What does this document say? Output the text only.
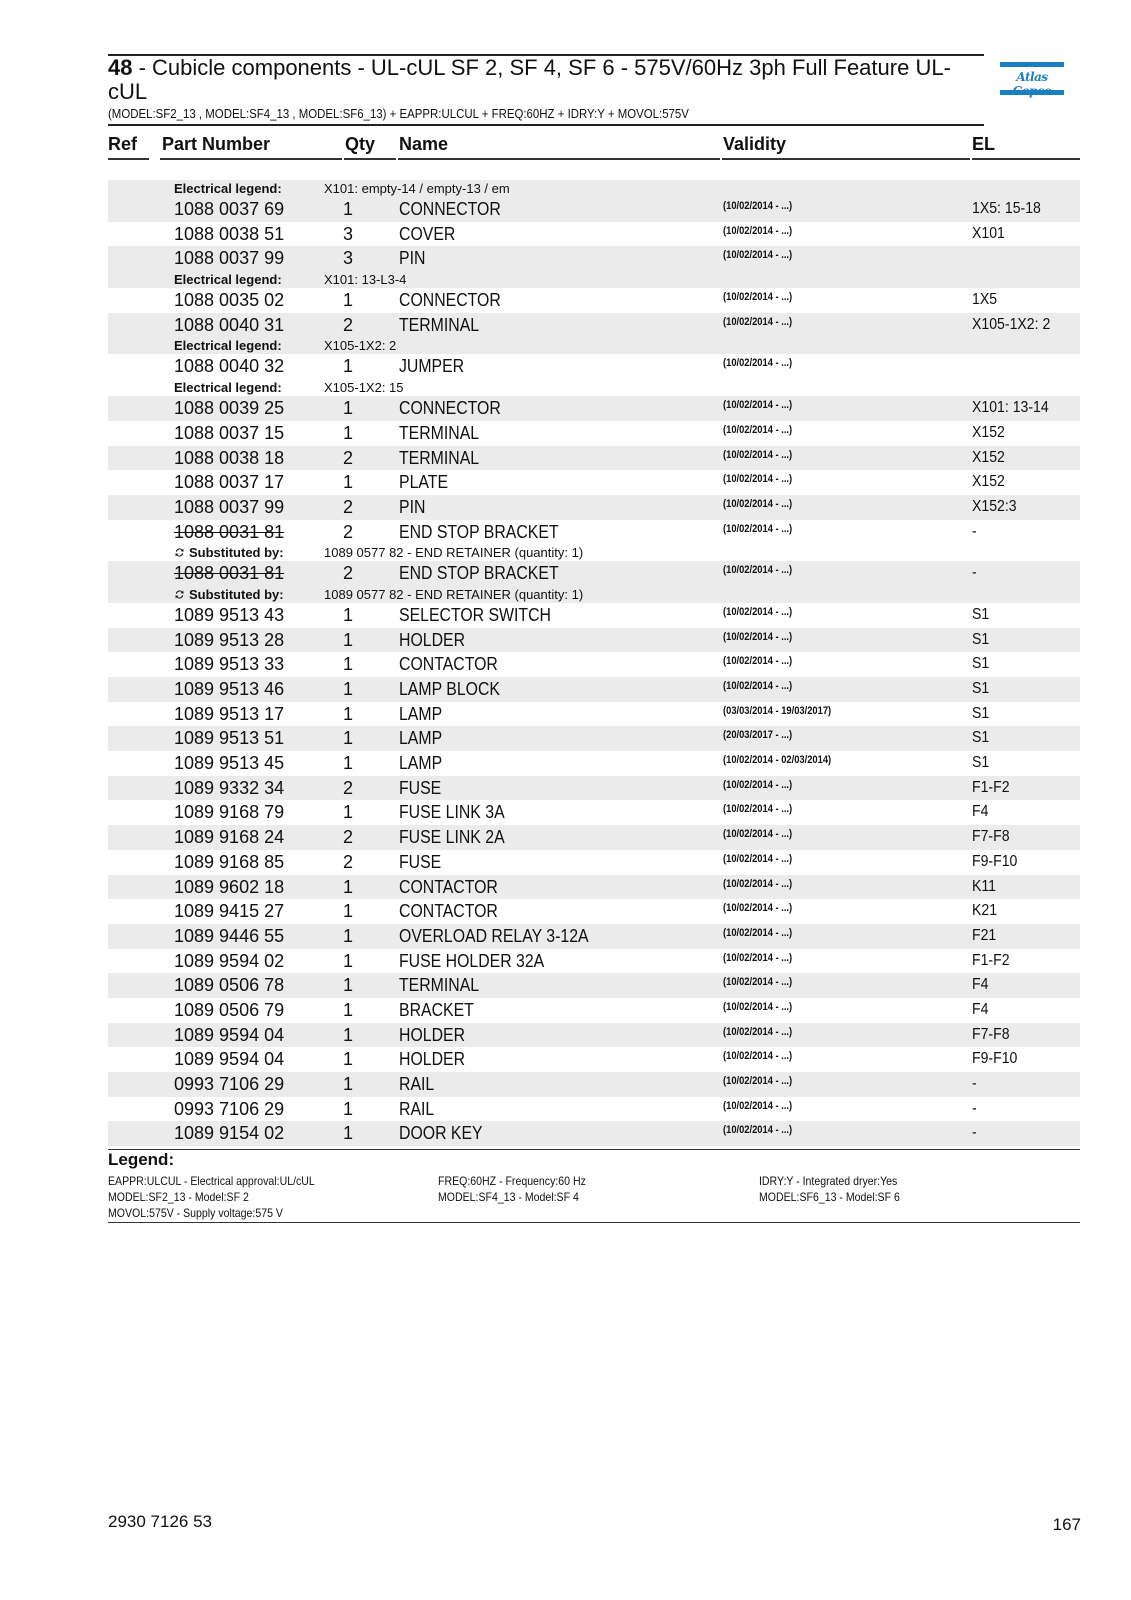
48 - Cubicle components - UL-cUL SF 2, SF 4, SF 6 - 575V/60Hz 3ph Full Feature UL-cUL
(MODEL:SF2_13 , MODEL:SF4_13 , MODEL:SF6_13) + EAPPR:ULCUL + FREQ:60HZ + IDRY:Y + MOVOL:575V
Atlas
Ref Part Number	Qty Name	Validity	EL
Electrical legend:	X101: empty-14 / empty-13 / em
1088 0037 69	1	CONNECTOR	(10/02/2014 - ...)	1X5: 15-18
1088 0038 51	3	COVER	(10/02/2014 - ...)	X101
1088 0037 99	3	PIN	(10/02/2014 - ...)
Electrical legend:	X101: 13-L3-4
1088 0035 02	1	CONNECTOR	(10/02/2014 - ...)	1X5
1088 0040 31	2	TERMINAL	(10/02/2014 - ...)	X105-1X2: 2
Electrical legend:	X105-1X2: 2
1088 0040 32	1	JUMPER	(10/02/2014 - ...)
Electrical legend:	X105-1X2: 15
1088 0039 25	1	CONNECTOR	(10/02/2014 - ...)	X101: 13-14
1088 0037 15	1	TERMINAL	(10/02/2014 - ...)	X152
1088 0038 18	2	TERMINAL	(10/02/2014 - ...)	X152
1088 0037 17	1	PLATE	(10/02/2014 - ...)	X152
1088 0037 99	2	PIN	(10/02/2014 - ...)	X152:3
1088 0031 81	2	END STOP BRACKET	(10/02/2014 - ...)	-
Substituted by:	1089 0577 82 - END RETAINER (quantity: 1)
1088 0031 81	2	END STOP BRACKET	(10/02/2014 - ...)	-
Substituted by:	1089 0577 82 - END RETAINER (quantity: 1)
1089 9513 43	1	SELECTOR SWITCH	(10/02/2014 - ...)	S1
1089 9513 28	1	HOLDER	(10/02/2014 - ...)	S1
1089 9513 33	1	CONTACTOR	(10/02/2014 - ...)	S1
1089 9513 46	1	LAMP BLOCK	(10/02/2014 - ...)	S1
1089 9513 17	1	LAMP	(03/03/2014 - 19/03/2017)	S1
1089 9513 51	1	LAMP	(20/03/2017 - ...)	S1
1089 9513 45	1	LAMP	(10/02/2014 - 02/03/2014)	S1
1089 9332 34	2	FUSE	(10/02/2014 - ...)	F1-F2
1089 9168 79	1	FUSE LINK 3A	(10/02/2014 - ...)	F4
1089 9168 24	2	FUSE LINK 2A	(10/02/2014 - ...)	F7-F8
1089 9168 85	2	FUSE	(10/02/2014 - ...)	F9-F10
1089 9602 18	1	CONTACTOR	(10/02/2014 - ...)	K11
1089 9415 27	1	CONTACTOR	(10/02/2014 - ...)	K21
1089 9446 55	1	OVERLOAD RELAY 3-12A	(10/02/2014 - ...)	F21
1089 9594 02	1	FUSE HOLDER 32A	(10/02/2014 - ...)	F1-F2
1089 0506 78	1	TERMINAL	(10/02/2014 - ...)	F4
1089 0506 79	1	BRACKET	(10/02/2014 - ...)	F4
1089 9594 04	1	HOLDER	(10/02/2014 - ...)	F7-F8
1089 9594 04	1	HOLDER	(10/02/2014 - ...)	F9-F10
0993 7106 29	1	RAIL	(10/02/2014 - ...)	-
0993 7106 29	1	RAIL	(10/02/2014 - ...)	-
1089 9154 02	1	DOOR KEY	(10/02/2014 - ...)	-
Legend:
EAPPR:ULCUL - Electrical approval:UL/cUL	FREQ:60HZ - Frequency:60 Hz	IDRY:Y - Integrated dryer:Yes
MODEL:SF2_13 - Model:SF 2	MODEL:SF4_13 - Model:SF 4	MODEL:SF6_13 - Model:SF 6
MOVOL:575V - Supply voltage:575 V
2930 7126 53	167
